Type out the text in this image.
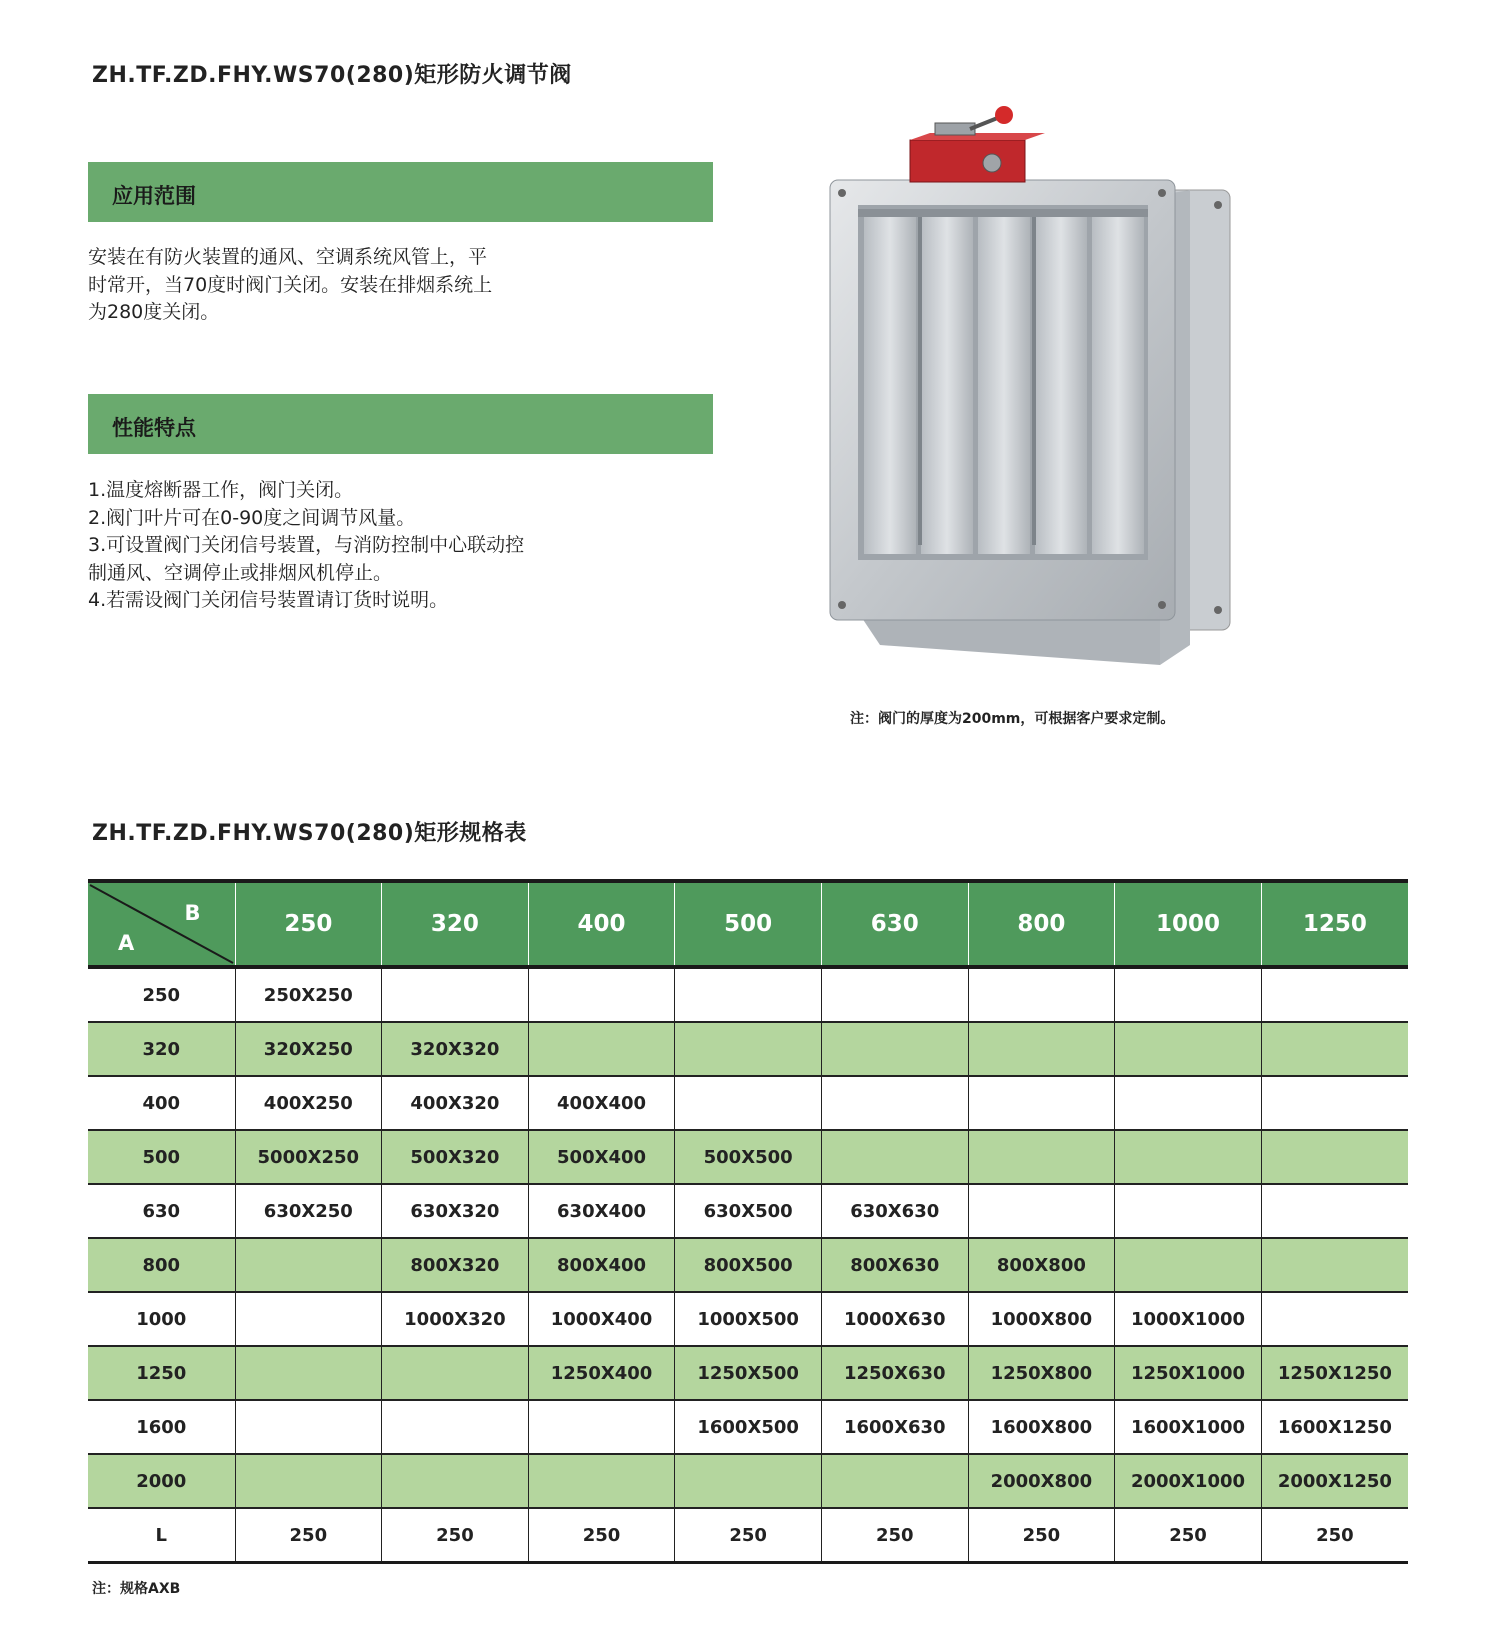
ZH.TF.ZD.FHY.WS70(280)矩形防火调节阀
应用范围
安装在有防火装置的通风、空调系统风管上，平
时常开，当70度时阀门关闭。安装在排烟系统上
为280度关闭。
性能特点
1.温度熔断器工作，阀门关闭。
2.阀门叶片可在0-90度之间调节风量。
3.可设置阀门关闭信号装置，与消防控制中心联动控
制通风、空调停止或排烟风机停止。
4.若需设阀门关闭信号装置请订货时说明。
注：阀门的厚度为200mm，可根据客户要求定制。
ZH.TF.ZD.FHY.WS70(280)矩形规格表
B
A	250	320	400	500	630	800	1000	1250
250	250X250							
320	320X250	320X320						
400	400X250	400X320	400X400					
500	5000X250	500X320	500X400	500X500				
630	630X250	630X320	630X400	630X500	630X630			
800		800X320	800X400	800X500	800X630	800X800		
1000		1000X320	1000X400	1000X500	1000X630	1000X800	1000X1000	
1250			1250X400	1250X500	1250X630	1250X800	1250X1000	1250X1250
1600				1600X500	1600X630	1600X800	1600X1000	1600X1250
2000						2000X800	2000X1000	2000X1250
L	250	250	250	250	250	250	250	250
注：规格AXB
